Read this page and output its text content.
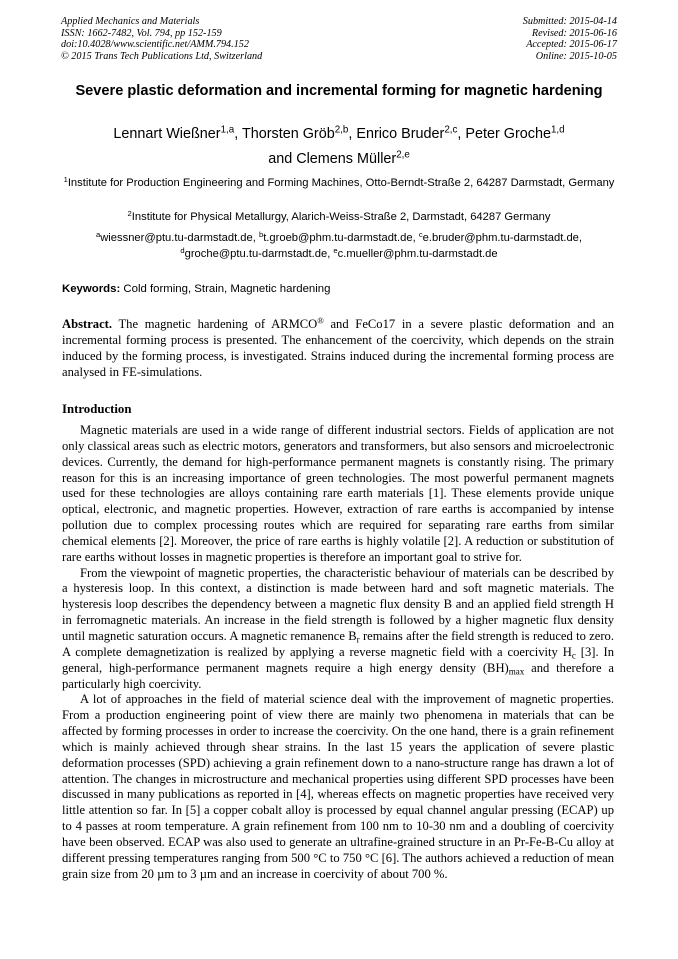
Applied Mechanics and Materials
ISSN: 1662-7482, Vol. 794, pp 152-159
doi:10.4028/www.scientific.net/AMM.794.152
© 2015 Trans Tech Publications Ltd, Switzerland
Submitted: 2015-04-14
Revised: 2015-06-16
Accepted: 2015-06-17
Online: 2015-10-05
Severe plastic deformation and incremental forming for magnetic hardening
Lennart Wießner$^{1,a}$, Thorsten Gröb$^{2,b}$, Enrico Bruder$^{2,c}$, Peter Groche$^{1,d}$
and Clemens Müller$^{2,e}$
$^1$Institute for Production Engineering and Forming Machines, Otto-Berndt-Straße 2, 64287 Darmstadt, Germany
$^2$Institute for Physical Metallurgy, Alarich-Weiss-Straße 2, Darmstadt, 64287 Germany
$^a$wiessner@ptu.tu-darmstadt.de, $^b$t.groeb@phm.tu-darmstadt.de, $^c$e.bruder@phm.tu-darmstadt.de,
$^d$groche@ptu.tu-darmstadt.de, $^e$c.mueller@phm.tu-darmstadt.de
Keywords: Cold forming, Strain, Magnetic hardening

Abstract. The magnetic hardening of ARMCO® and FeCo17 in a severe plastic deformation and an incremental forming process is presented. The enhancement of the coercivity, which depends on the strain induced by the forming process, is investigated. Strains induced during the incremental forming process are analysed in FE-simulations.

Introduction

Magnetic materials are used in a wide range of different industrial sectors. Fields of application are not only classical areas such as electric motors, generators and transformers, but also sensors and microelectronic devices. Currently, the demand for high-performance permanent magnets is constantly rising. The primary reason for this is an increasing importance of green technologies. The most powerful permanent magnets used for these technologies are alloys containing rare earth materials [1]. These elements provide unique optical, electronic, and magnetic properties. However, extraction of rare earths is accompanied by intense pollution due to complex processing routes which are required for separating rare earths from similar chemical elements [2]. Moreover, the price of rare earths is highly volatile [2]. A reduction or substitution of rare earths without losses in magnetic properties is therefore an important goal to strive for.

From the viewpoint of magnetic properties, the characteristic behaviour of materials can be described by a hysteresis loop. In this context, a distinction is made between hard and soft magnetic materials. The hysteresis loop describes the dependency between a magnetic flux density B and an applied field strength H in ferromagnetic materials. An increase in the field strength is followed by a higher magnetic flux density until magnetic saturation occurs. A magnetic remanence $B_r$ remains after the field strength is reduced to zero. A complete demagnetization is realized by applying a reverse magnetic field with a coercivity $H_c$ [3]. In general, high-performance permanent magnets require a high energy density $(BH)_{max}$ and therefore a particularly high coercivity.

A lot of approaches in the field of material science deal with the improvement of magnetic properties. From a production engineering point of view there are mainly two phenomena in materials that can be affected by forming processes in order to increase the coercivity. On the one hand, there is a grain refinement which is mainly achieved through shear strains. In the last 15 years the application of severe plastic deformation processes (SPD) achieving a grain refinement down to a nano-structure range has drawn a lot of attention. The changes in microstructure and mechanical properties using different SPD processes have been discussed in many publications as reported in [4], whereas effects on magnetic properties have received very little attention so far. In [5] a copper cobalt alloy is processed by equal channel angular pressing (ECAP) up to 4 passes at room temperature. A grain refinement from 100 nm to 10-30 nm and a doubling of coercivity have been observed. ECAP was also used to generate an ultrafine-grained structure in an Pr-Fe-B-Cu alloy at different pressing temperatures ranging from 500 °C to 750 °C [6]. The authors achieved a reduction of mean grain size from 20 µm to 3 µm and an increase in coercivity of about 700 %.
